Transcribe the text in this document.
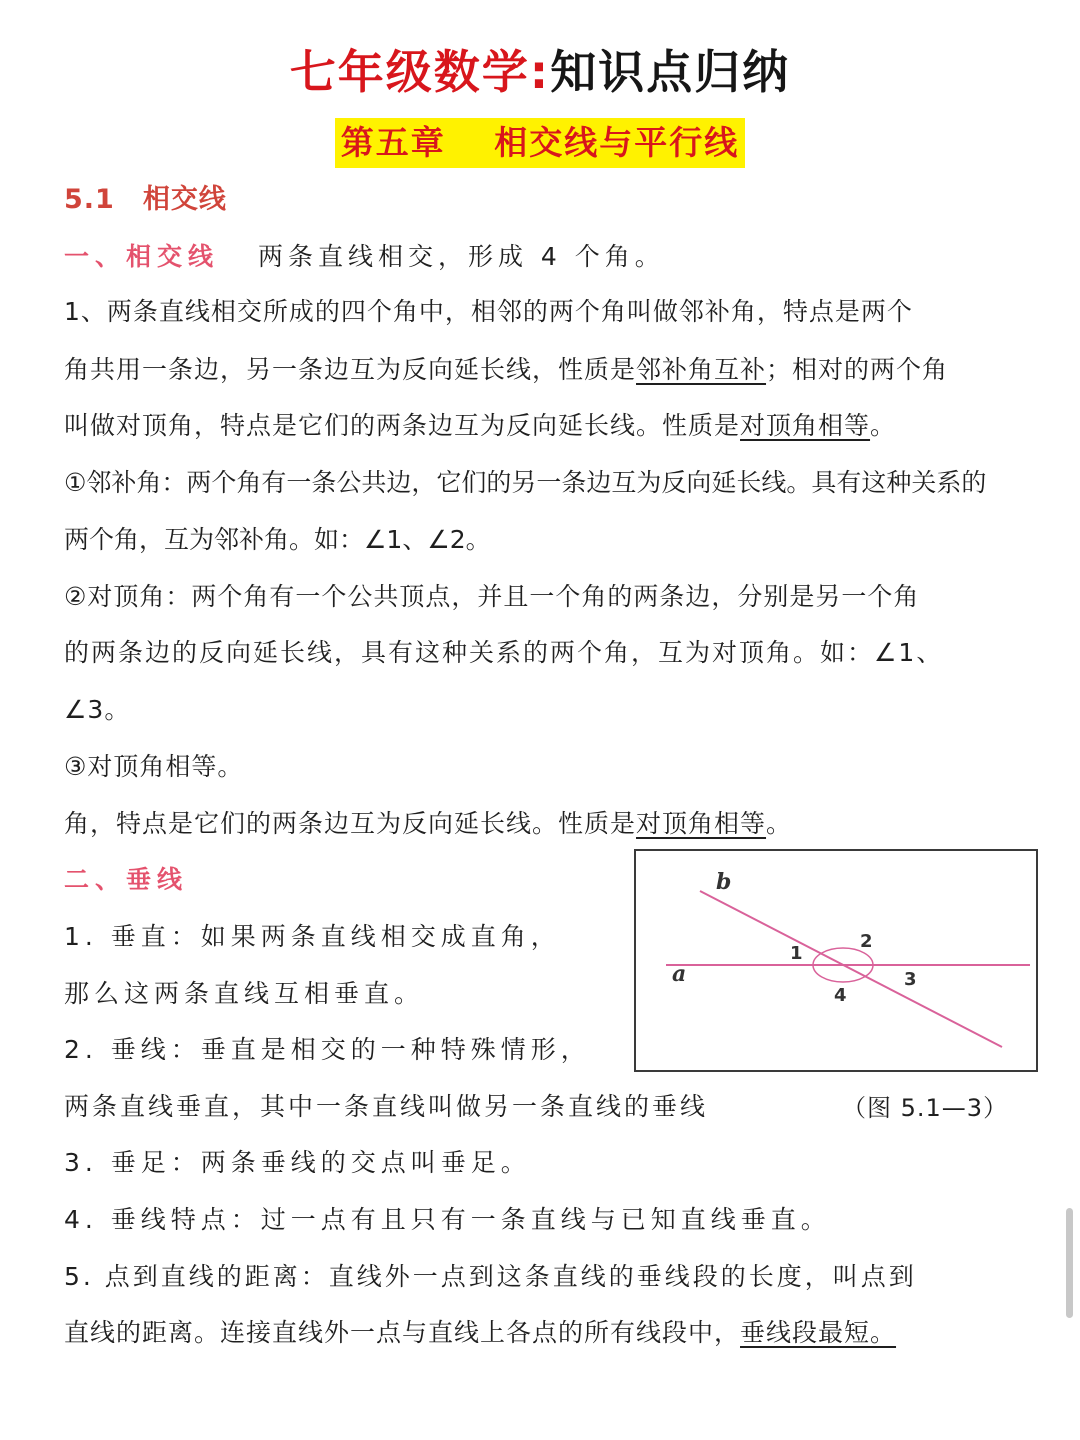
七年级数学:知识点归纳
第五章　 相交线与平行线
5.1　相交线
一、相交线 两条直线相交，形成 4 个角。
1、两条直线相交所成的四个角中，相邻的两个角叫做邻补角，特点是两个
角共用一条边，另一条边互为反向延长线，性质是邻补角互补；相对的两个角
叫做对顶角，特点是它们的两条边互为反向延长线。性质是对顶角相等。
①邻补角：两个角有一条公共边，它们的另一条边互为反向延长线。具有这种关系的
两个角，互为邻补角。如：∠1、∠2。
②对顶角：两个角有一个公共顶点，并且一个角的两条边，分别是另一个角
的两条边的反向延长线，具有这种关系的两个角，互为对顶角。如：∠1、
∠3。
③对顶角相等。
角，特点是它们的两条边互为反向延长线。性质是对顶角相等。
二、垂线
1. 垂直：如果两条直线相交成直角，
那么这两条直线互相垂直。
2. 垂线：垂直是相交的一种特殊情形，
两条直线垂直，其中一条直线叫做另一条直线的垂线
3. 垂足：两条垂线的交点叫垂足。
4. 垂线特点：过一点有且只有一条直线与已知直线垂直。
5. 点到直线的距离：直线外一点到这条直线的垂线段的长度，叫点到
直线的距离。连接直线外一点与直线上各点的所有线段中，垂线段最短。
b
a
1
2
3
4
（图 5.1—3）
